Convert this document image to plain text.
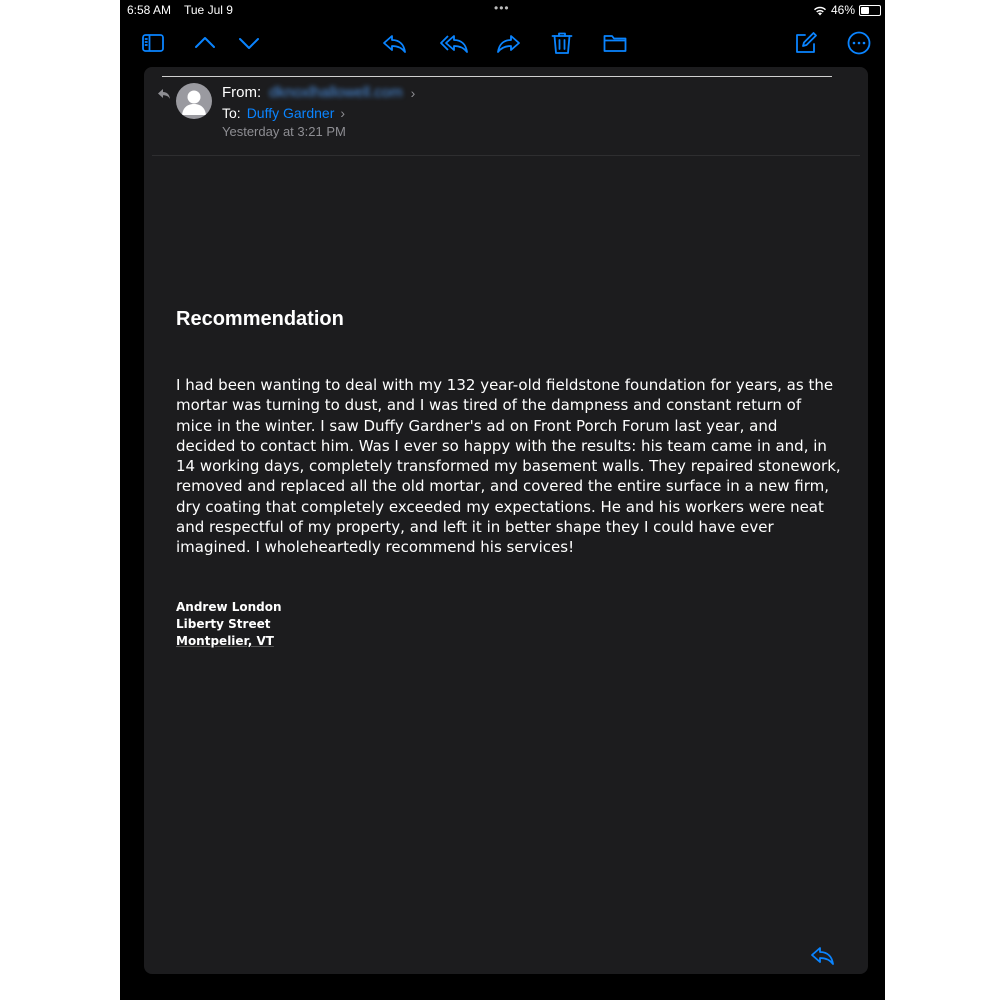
6:58 AM Tue Jul 9	•••	46%
From: dknoxlhallowell.com ›
To: Duffy Gardner ›
Yesterday at 3:21 PM
Recommendation
I had been wanting to deal with my 132 year-old fieldstone foundation for years, as the mortar was turning to dust, and I was tired of the dampness and constant return of mice in the winter. I saw Duffy Gardner's ad on Front Porch Forum last year, and decided to contact him. Was I ever so happy with the results: his team came in and, in 14 working days, completely transformed my basement walls. They repaired stonework, removed and replaced all the old mortar, and covered the entire surface in a new firm, dry coating that completely exceeded my expectations. He and his workers were neat and respectful of my property, and left it in better shape they I could have ever imagined. I wholeheartedly recommend his services!
Andrew London
Liberty Street
Montpelier, VT
